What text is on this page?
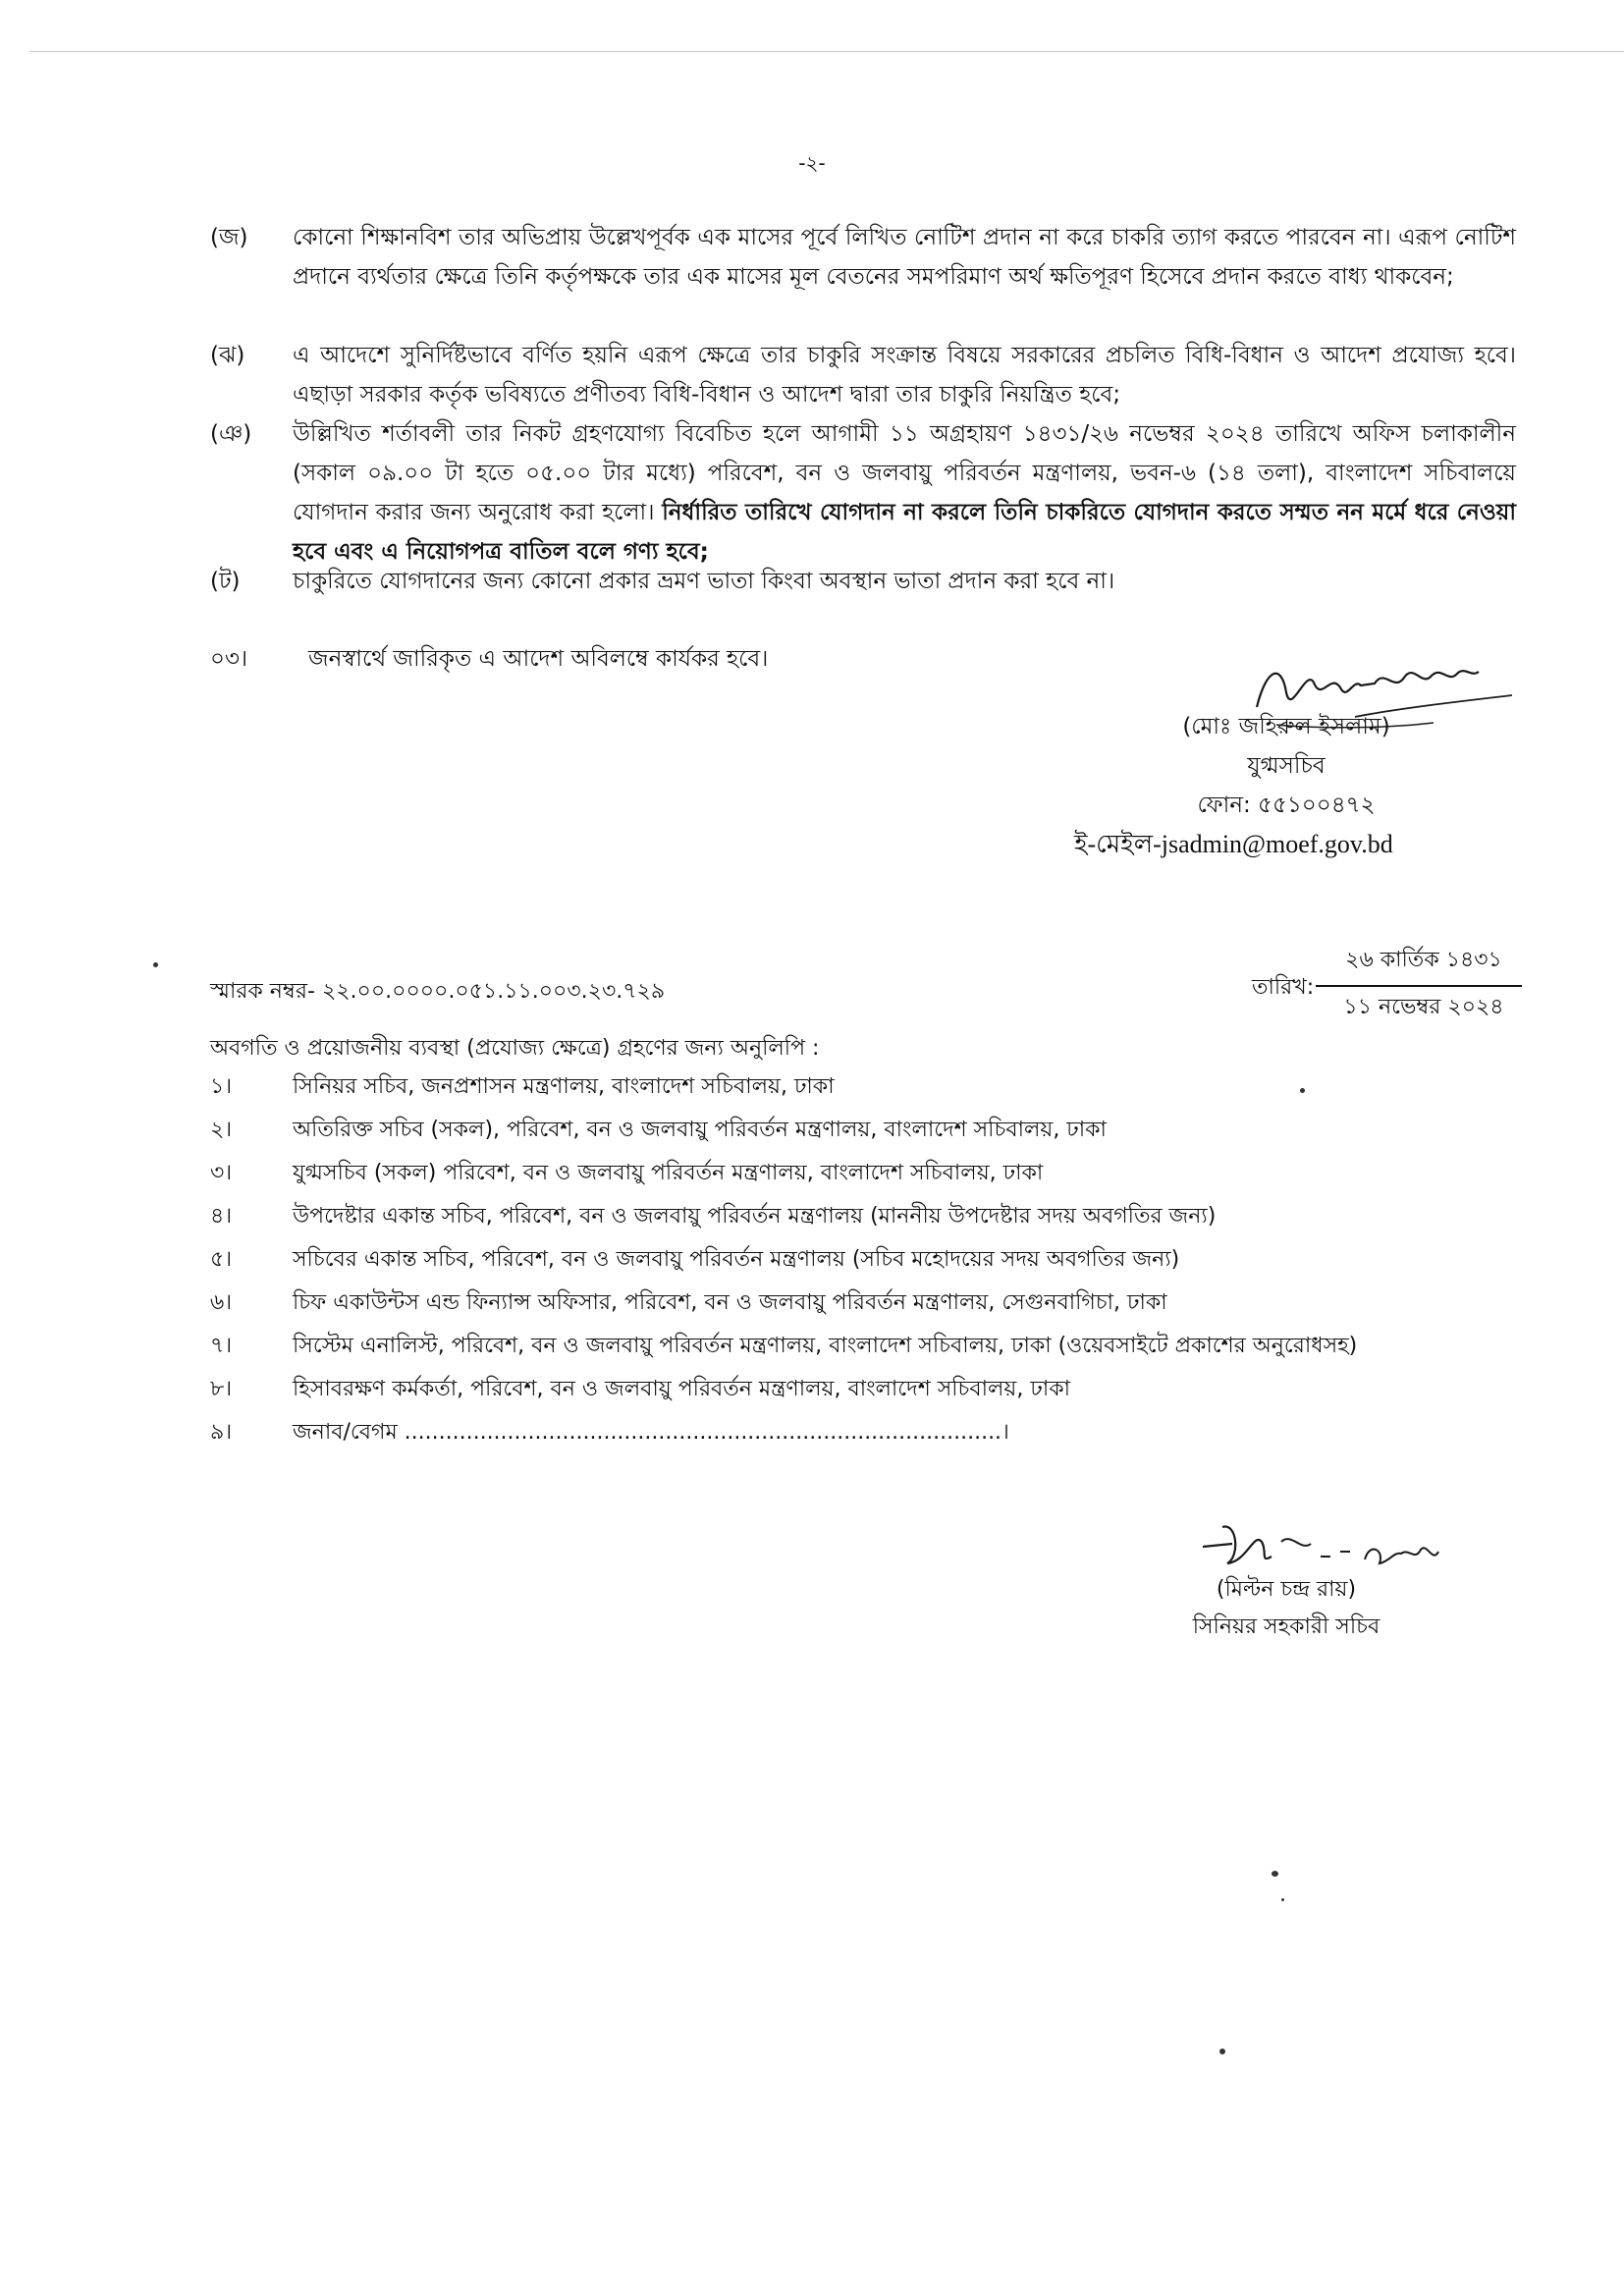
-২-
(জ) কোনো শিক্ষানবিশ তার অভিপ্রায় উল্লেখপূর্বক এক মাসের পূর্বে লিখিত নোটিশ প্রদান না করে চাকরি ত্যাগ করতে পারবেন না। এরূপ নোটিশ প্রদানে ব্যর্থতার ক্ষেত্রে তিনি কর্তৃপক্ষকে তার এক মাসের মূল বেতনের সমপরিমাণ অর্থ ক্ষতিপূরণ হিসেবে প্রদান করতে বাধ্য থাকবেন;
(ঝ) এ আদেশে সুনির্দিষ্টভাবে বর্ণিত হয়নি এরূপ ক্ষেত্রে তার চাকুরি সংক্রান্ত বিষয়ে সরকারের প্রচলিত বিধি-বিধান ও আদেশ প্রযোজ্য হবে। এছাড়া সরকার কর্তৃক ভবিষ্যতে প্রণীতব্য বিধি-বিধান ও আদেশ দ্বারা তার চাকুরি নিয়ন্ত্রিত হবে;
(ঞ) উল্লিখিত শর্তাবলী তার নিকট গ্রহণযোগ্য বিবেচিত হলে আগামী ১১ অগ্রহায়ণ ১৪৩১/২৬ নভেম্বর ২০২৪ তারিখে অফিস চলাকালীন (সকাল ০৯.০০ টা হতে ০৫.০০ টার মধ্যে) পরিবেশ, বন ও জলবায়ু পরিবর্তন মন্ত্রণালয়, ভবন-৬ (১৪ তলা), বাংলাদেশ সচিবালয়ে যোগদান করার জন্য অনুরোধ করা হলো। নির্ধারিত তারিখে যোগদান না করলে তিনি চাকরিতে যোগদান করতে সম্মত নন মর্মে ধরে নেওয়া হবে এবং এ নিয়োগপত্র বাতিল বলে গণ্য হবে;
(ট) চাকুরিতে যোগদানের জন্য কোনো প্রকার ভ্রমণ ভাতা কিংবা অবস্থান ভাতা প্রদান করা হবে না।
০৩।	জনস্বার্থে জারিকৃত এ আদেশ অবিলম্বে কার্যকর হবে।
(মোঃ জহিরুল ইসলাম)
যুগ্মসচিব
ফোন: ৫৫১০০৪৭২
ই-মেইল-jsadmin@moef.gov.bd
স্মারক নম্বর- ২২.০০.০০০০.০৫১.১১.০০৩.২৩.৭২৯	তারিখ:
২৬ কার্তিক ১৪৩১
১১ নভেম্বর ২০২৪
অবগতি ও প্রয়োজনীয় ব্যবস্থা (প্রযোজ্য ক্ষেত্রে) গ্রহণের জন্য অনুলিপি :
১।	সিনিয়র সচিব, জনপ্রশাসন মন্ত্রণালয়, বাংলাদেশ সচিবালয়, ঢাকা
২।	অতিরিক্ত সচিব (সকল), পরিবেশ, বন ও জলবায়ু পরিবর্তন মন্ত্রণালয়, বাংলাদেশ সচিবালয়, ঢাকা
৩।	যুগ্মসচিব (সকল) পরিবেশ, বন ও জলবায়ু পরিবর্তন মন্ত্রণালয়, বাংলাদেশ সচিবালয়, ঢাকা
৪।	উপদেষ্টার একান্ত সচিব, পরিবেশ, বন ও জলবায়ু পরিবর্তন মন্ত্রণালয় (মাননীয় উপদেষ্টার সদয় অবগতির জন্য)
৫।	সচিবের একান্ত সচিব, পরিবেশ, বন ও জলবায়ু পরিবর্তন মন্ত্রণালয় (সচিব মহোদয়ের সদয় অবগতির জন্য)
৬।	চিফ একাউন্টস এন্ড ফিন্যান্স অফিসার, পরিবেশ, বন ও জলবায়ু পরিবর্তন মন্ত্রণালয়, সেগুনবাগিচা, ঢাকা
৭।	সিস্টেম এনালিস্ট, পরিবেশ, বন ও জলবায়ু পরিবর্তন মন্ত্রণালয়, বাংলাদেশ সচিবালয়, ঢাকা (ওয়েবসাইটে প্রকাশের অনুরোধসহ)
৮।	হিসাবরক্ষণ কর্মকর্তা, পরিবেশ, বন ও জলবায়ু পরিবর্তন মন্ত্রণালয়, বাংলাদেশ সচিবালয়, ঢাকা
৯।	জনাব/বেগম .......................................................................................।
(মিল্টন চন্দ্র রায়)
সিনিয়র সহকারী সচিব
